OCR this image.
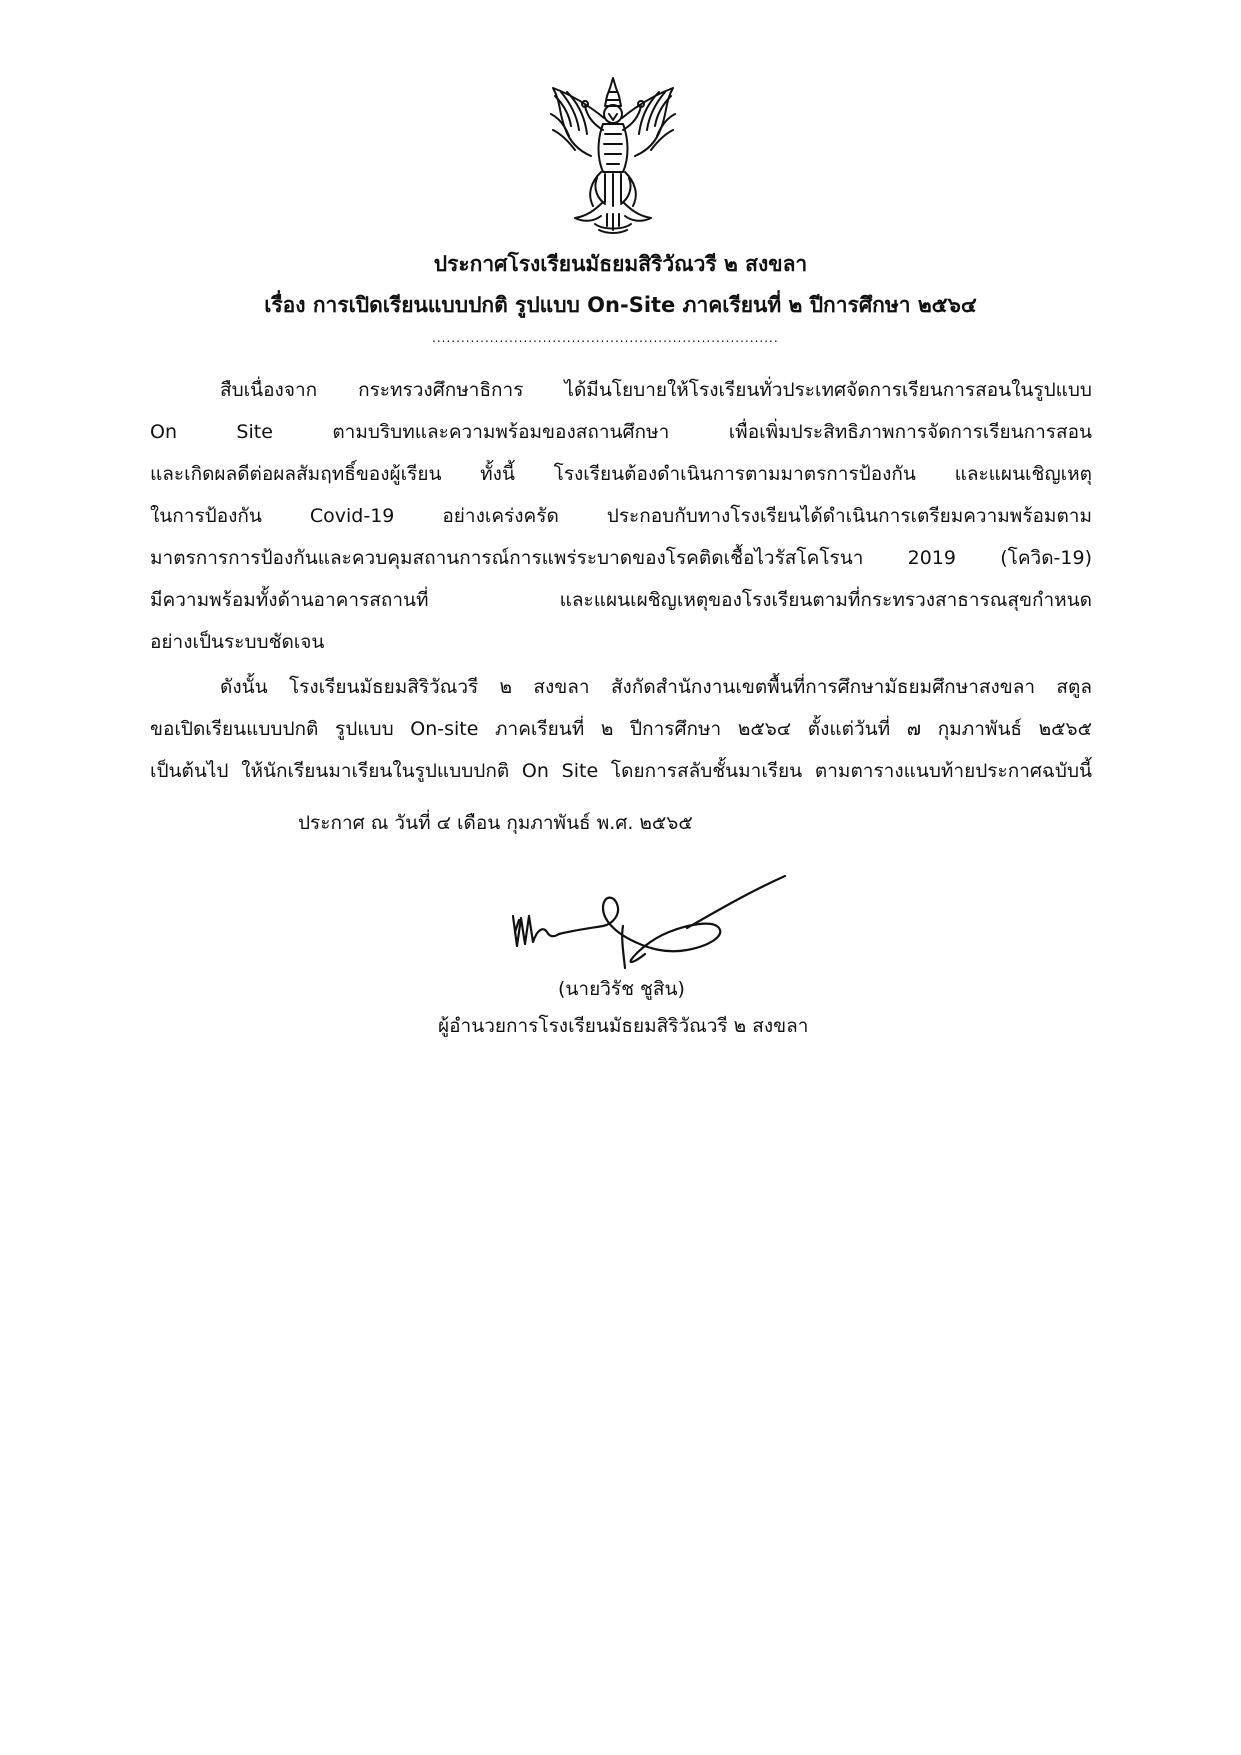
ประกาศโรงเรียนมัธยมสิริวัณวรี ๒ สงขลา
เรื่อง การเปิดเรียนแบบปกติ รูปแบบ On-Site ภาคเรียนที่ ๒ ปีการศึกษา ๒๕๖๔
........................................................................
สืบเนื่องจาก กระทรวงศึกษาธิการ ได้มีนโยบายให้โรงเรียนทั่วประเทศจัดการเรียนการสอนในรูปแบบ
On Site ตามบริบทและความพร้อมของสถานศึกษา เพื่อเพิ่มประสิทธิภาพการจัดการเรียนการสอน
และเกิดผลดีต่อผลสัมฤทธิ์ของผู้เรียน ทั้งนี้ โรงเรียนต้องดำเนินการตามมาตรการป้องกัน และแผนเชิญเหตุ
ในการป้องกัน Covid-19 อย่างเคร่งครัด ประกอบกับทางโรงเรียนได้ดำเนินการเตรียมความพร้อมตาม
มาตรการการป้องกันและควบคุมสถานการณ์การแพร่ระบาดของโรคติดเชื้อไวรัสโคโรนา 2019 (โควิด-19)
มีความพร้อมทั้งด้านอาคารสถานที่ และแผนเผชิญเหตุของโรงเรียนตามที่กระทรวงสาธารณสุขกำหนด
อย่างเป็นระบบชัดเจน
ดังนั้น โรงเรียนมัธยมสิริวัณวรี ๒ สงขลา สังกัดสำนักงานเขตพื้นที่การศึกษามัธยมศึกษาสงขลา สตูล
ขอเปิดเรียนแบบปกติ รูปแบบ On-site ภาคเรียนที่ ๒ ปีการศึกษา ๒๕๖๔ ตั้งแต่วันที่ ๗ กุมภาพันธ์ ๒๕๖๕
เป็นต้นไป ให้นักเรียนมาเรียนในรูปแบบปกติ On Site โดยการสลับชั้นมาเรียน ตามตารางแนบท้ายประกาศฉบับนี้
ประกาศ ณ วันที่ ๔ เดือน กุมภาพันธ์ พ.ศ. ๒๕๖๕
(นายวิรัช ชูสิน)
ผู้อำนวยการโรงเรียนมัธยมสิริวัณวรี ๒ สงขลา
